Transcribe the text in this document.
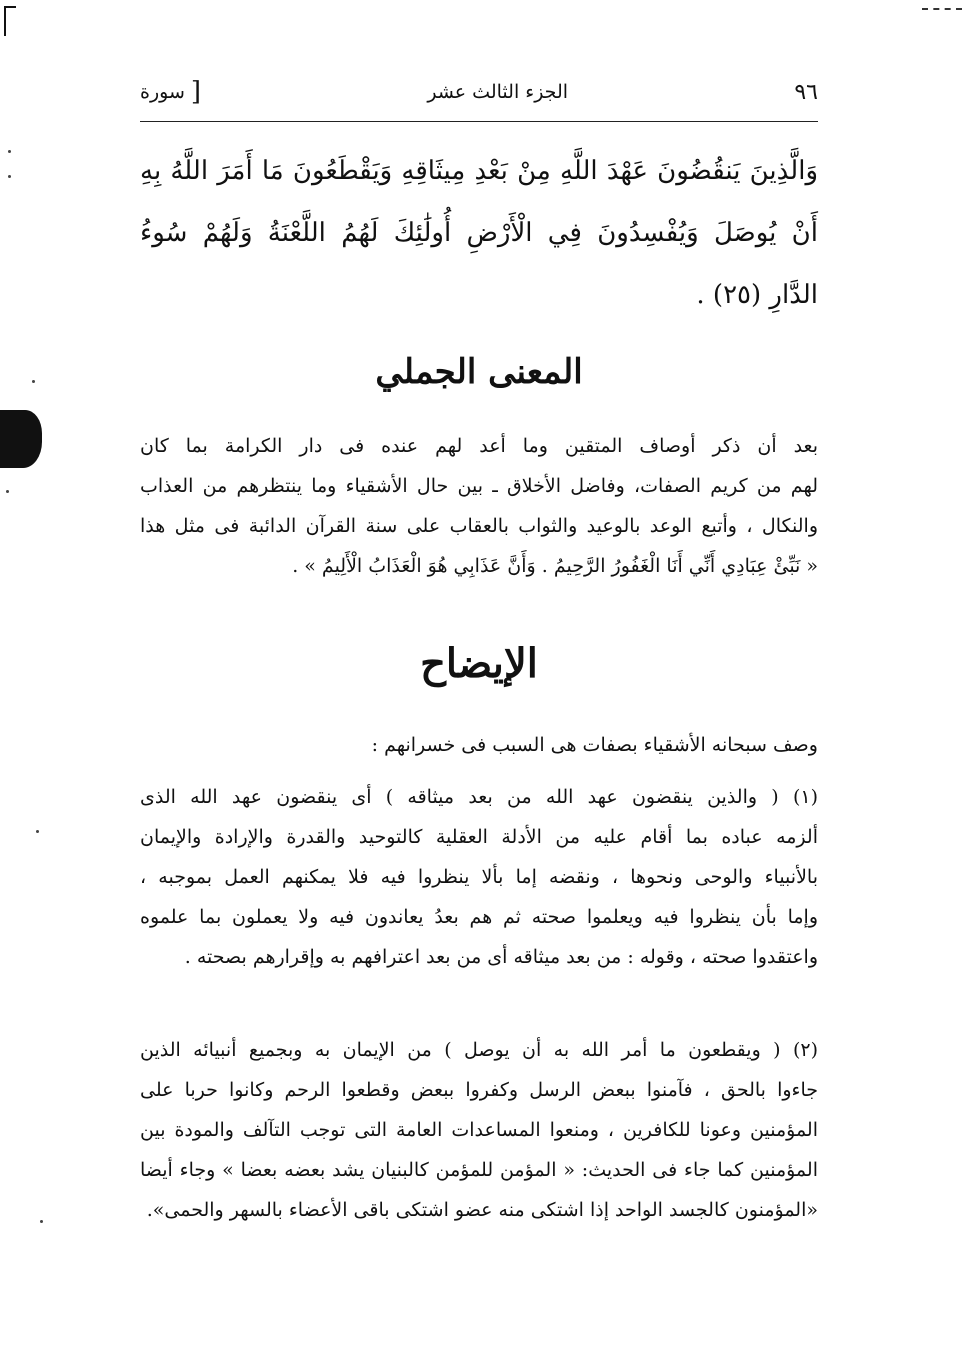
٩٦
الجزء الثالث عشر
[
سورة
وَالَّذِينَ يَنقُضُونَ عَهْدَ اللَّهِ مِنْ بَعْدِ مِيثَاقِهِ وَيَقْطَعُونَ مَا أَمَرَ اللَّهُ بِهِ
أَنْ يُوصَلَ وَيُفْسِدُونَ فِي الْأَرْضِ أُولَٰئِكَ لَهُمُ اللَّعْنَةُ وَلَهُمْ سُوءُ
الدَّارِ (٢٥) .
المعنى الجملي
بعد أن ذكر أوصاف المتقين وما أعد لهم عنده فى دار الكرامة بما كان
لهم من كريم الصفات، وفاضل الأخلاق ـ بين حال الأشقياء وما ينتظرهم من العذاب
والنكال ، وأتبع الوعد بالوعيد والثواب بالعقاب على سنة القرآن الدائبة فى مثل هذا
« نَبِّئْ عِبَادِي أَنِّي أَنَا الْغَفُورُ الرَّحِيمُ . وَأَنَّ عَذَابِي هُوَ الْعَذَابُ الْأَلِيمُ » .
الإيضاح
وصف سبحانه الأشقياء بصفات هى السبب فى خسرانهم :
(١) ( والذين ينقضون عهد الله من بعد ميثاقه ) أى ينقضون عهد الله الذى
ألزمه عباده بما أقام عليه من الأدلة العقلية كالتوحيد والقدرة والإرادة والإيمان
بالأنبياء والوحى ونحوها ، ونقضه إما بألا ينظروا فيه فلا يمكنهم العمل بموجبه ،
وإما بأن ينظروا فيه ويعلموا صحته ثم هم بعدُ يعاندون فيه ولا يعملون بما علموه
واعتقدوا صحته ، وقوله : من بعد ميثاقه أى من بعد اعترافهم به وإقرارهم بصحته .
(٢) ( ويقطعون ما أمر الله به أن يوصل ) من الإيمان به وبجميع أنبيائه الذين
جاءوا بالحق ، فآمنوا ببعض الرسل وكفروا ببعض وقطعوا الرحم وكانوا حربا على
المؤمنين وعونا للكافرين ، ومنعوا المساعدات العامة التى توجب التآلف والمودة بين
المؤمنين كما جاء فى الحديث: « المؤمن للمؤمن كالبنيان يشد بعضه بعضا » وجاء أيضا
«المؤمنون كالجسد الواحد إذا اشتكى منه عضو اشتكى باقى الأعضاء بالسهر والحمى».
